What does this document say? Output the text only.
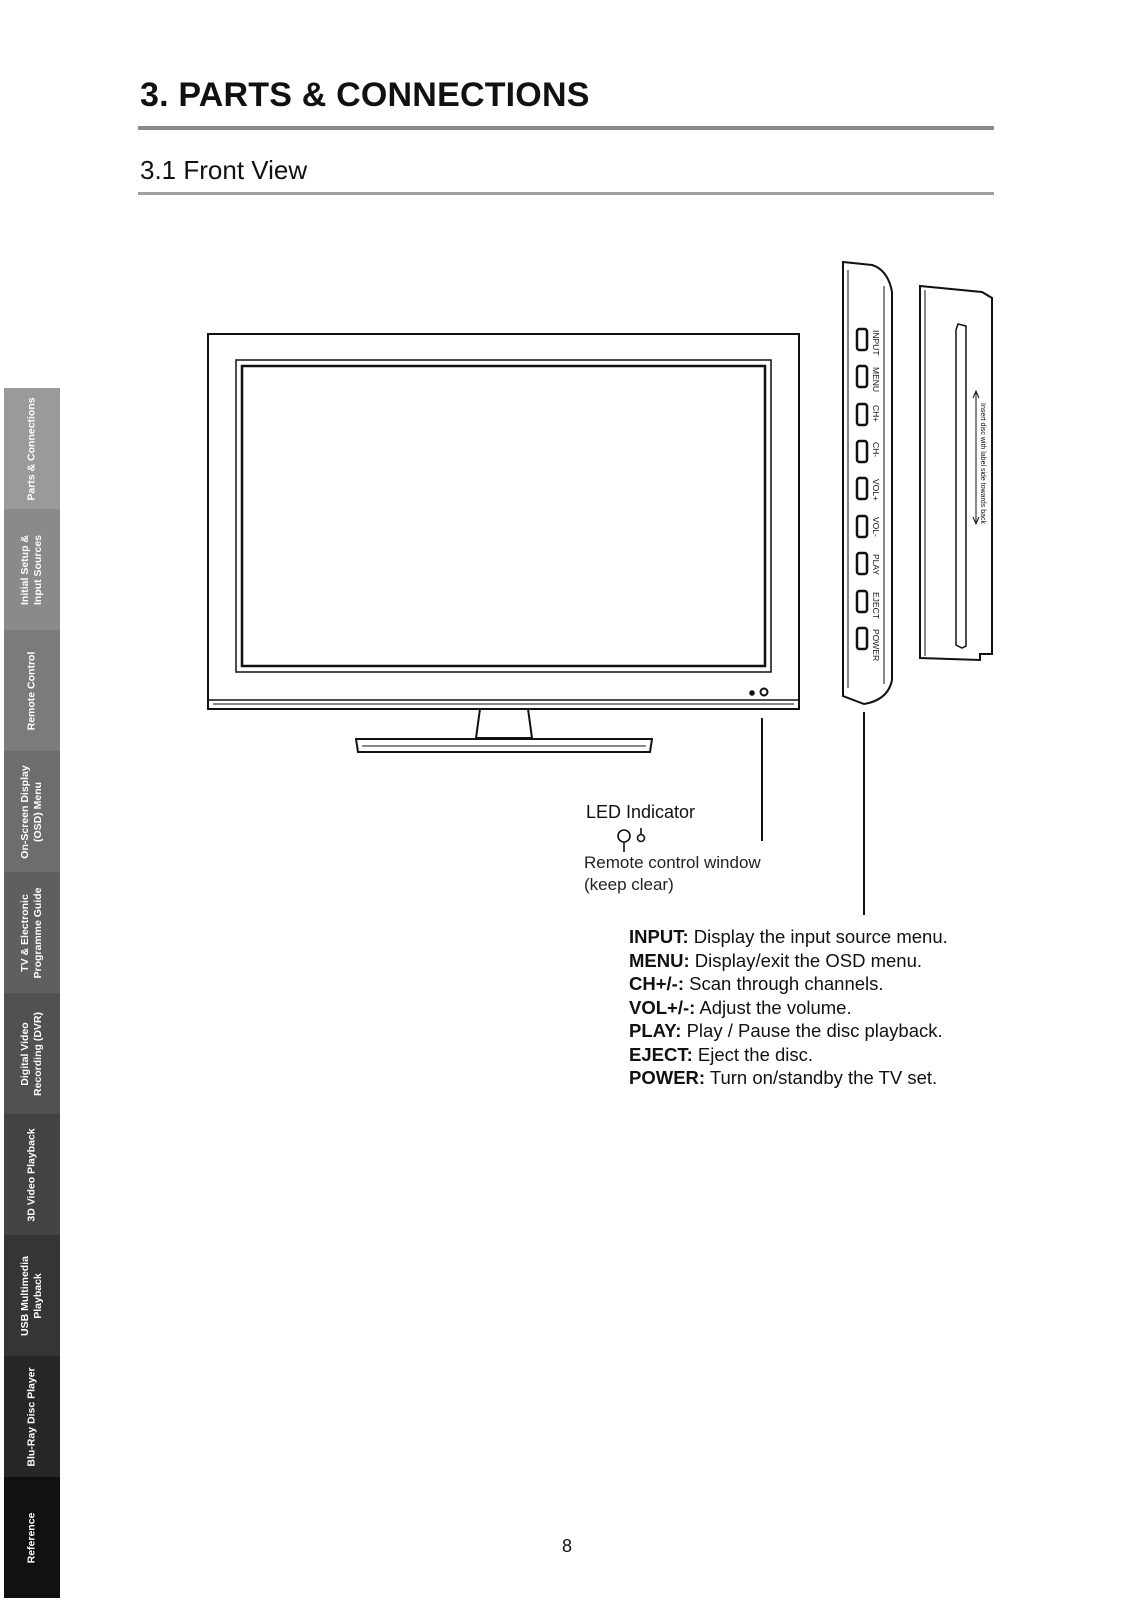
3. PARTS & CONNECTIONS
3.1 Front View
Parts & Connections
Initial Setup &
Input Sources
Remote Control
On-Screen Display
(OSD) Menu
TV & Electronic
Programme Guide
Digital Video
Recording (DVR)
3D Video Playback
USB Multimedia
Playback
Blu-Ray Disc Player
Reference
INPUT
MENU
CH+
CH-
VOL+
VOL-
PLAY
EJECT
POWER
Insert disc with label side towards back
LED Indicator
Remote control window
(keep clear)
INPUT: Display the input source menu.
MENU: Display/exit the OSD menu.
CH+/-: Scan through channels.
VOL+/-: Adjust the volume.
PLAY: Play / Pause the disc playback.
EJECT: Eject the disc.
POWER: Turn on/standby the TV set.
8
